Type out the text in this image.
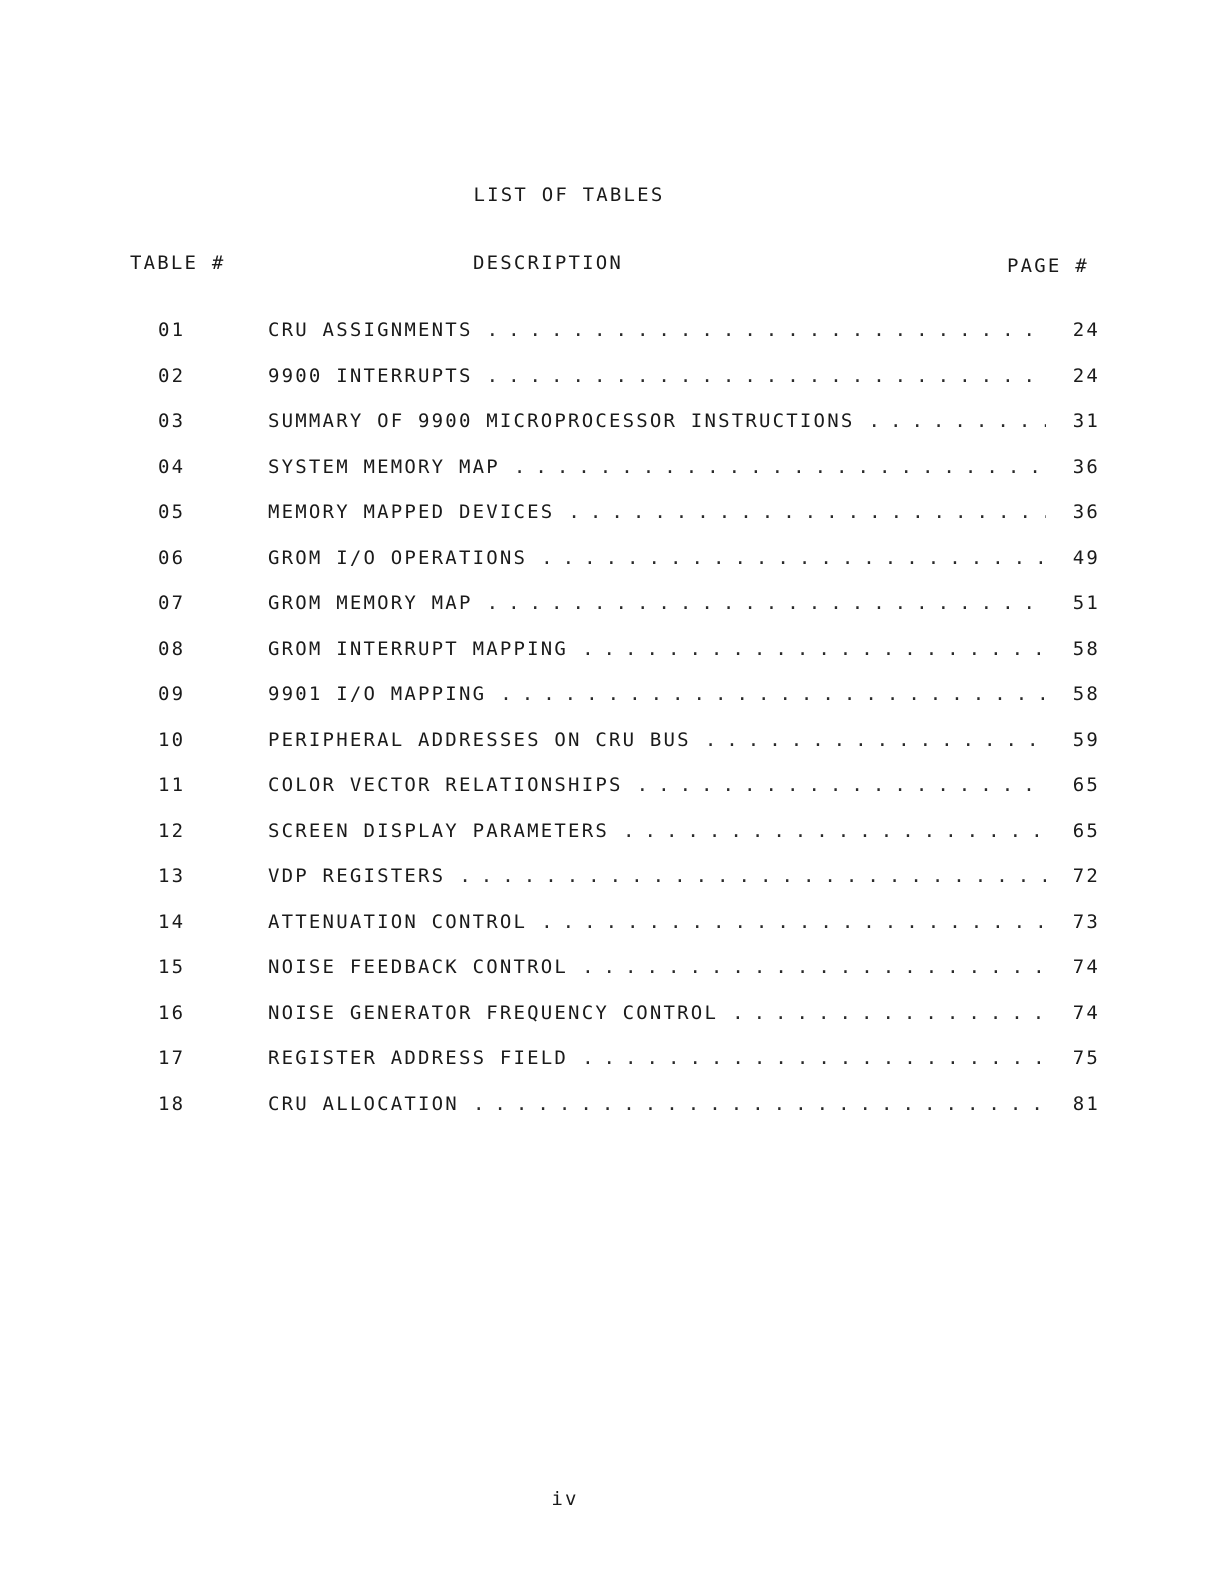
LIST OF TABLES
TABLE #	DESCRIPTION	PAGE #
01	CRU ASSIGNMENTS . . .	24
02	9900 INTERRUPTS . . .	24
03	SUMMARY OF 9900 MICROPROCESSOR INSTRUCTIONS . . .	31
04	SYSTEM MEMORY MAP . . .	36
05	MEMORY MAPPED DEVICES . . .	36
06	GROM I/O OPERATIONS . . .	49
07	GROM MEMORY MAP . . .	51
08	GROM INTERRUPT MAPPING . . .	58
09	9901 I/O MAPPING . . .	58
10	PERIPHERAL ADDRESSES ON CRU BUS . . .	59
11	COLOR VECTOR RELATIONSHIPS . . .	65
12	SCREEN DISPLAY PARAMETERS . . .	65
13	VDP REGISTERS . . .	72
14	ATTENUATION CONTROL . . .	73
15	NOISE FEEDBACK CONTROL . . .	74
16	NOISE GENERATOR FREQUENCY CONTROL . . .	74
17	REGISTER ADDRESS FIELD . . .	75
18	CRU ALLOCATION . . .	81
iv
